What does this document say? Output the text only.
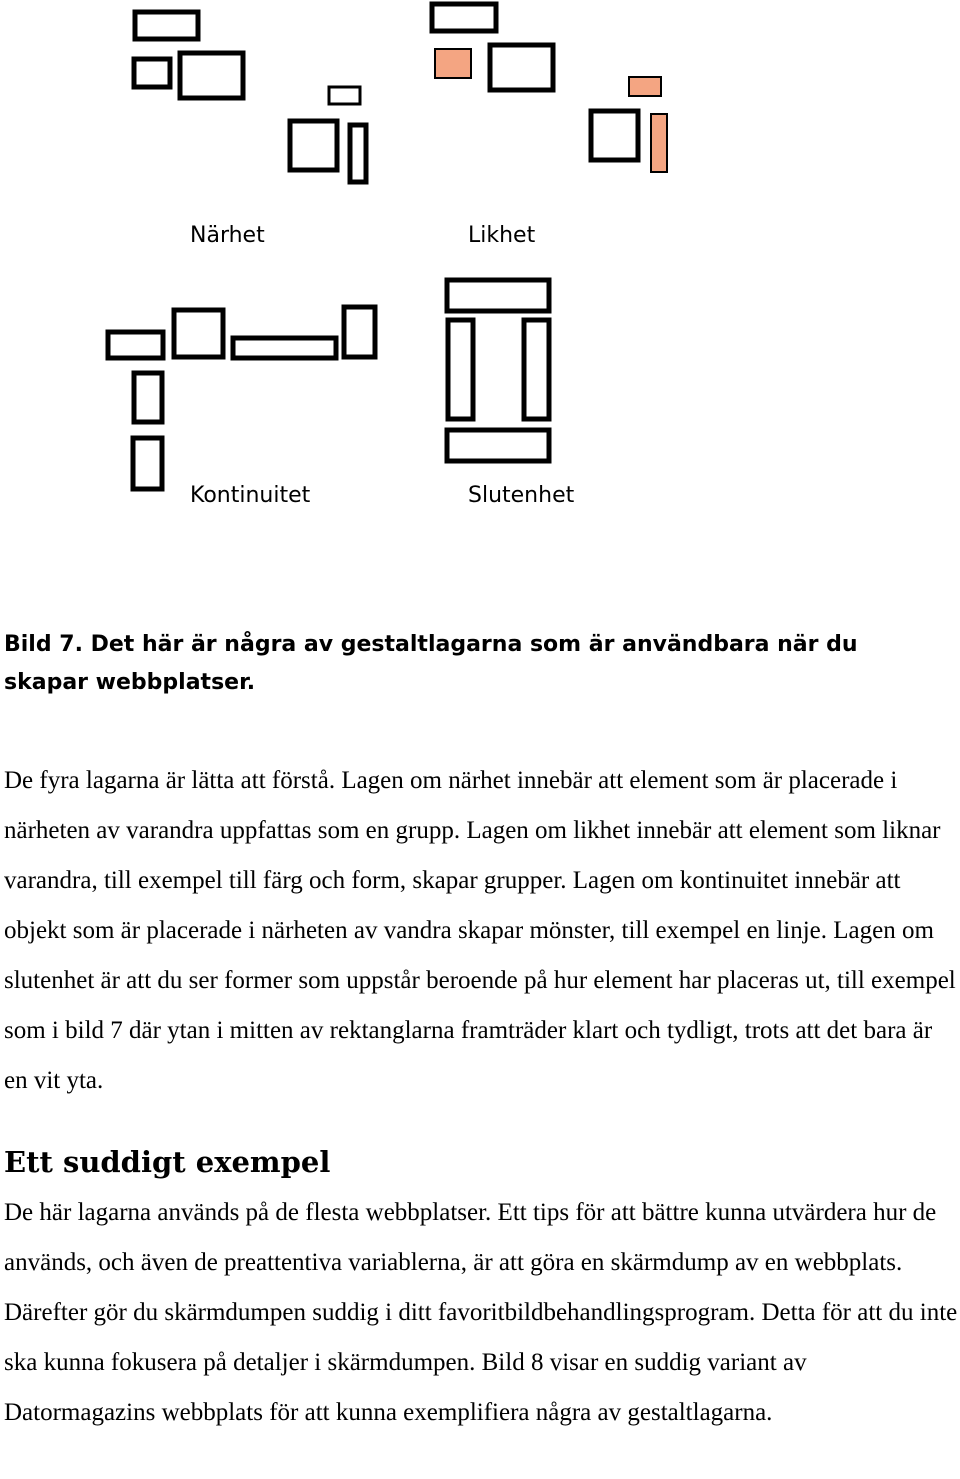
Närhet	Likhet
Kontinuitet	Slutenhet

Bild 7. Det här är några av gestaltlagarna som är användbara när du skapar webbplatser.

De fyra lagarna är lätta att förstå. Lagen om närhet innebär att element som är placerade i närheten av varandra uppfattas som en grupp. Lagen om likhet innebär att element som liknar varandra, till exempel till färg och form, skapar grupper. Lagen om kontinuitet innebär att objekt som är placerade i närheten av vandra skapar mönster, till exempel en linje. Lagen om slutenhet är att du ser former som uppstår beroende på hur element har placeras ut, till exempel som i bild 7 där ytan i mitten av rektanglarna framträder klart och tydligt, trots att det bara är en vit yta.

Ett suddigt exempel

De här lagarna används på de flesta webbplatser. Ett tips för att bättre kunna utvärdera hur de används, och även de preattentiva variablerna, är att göra en skärmdump av en webbplats. Därefter gör du skärmdumpen suddig i ditt favoritbildbehandlingsprogram. Detta för att du inte ska kunna fokusera på detaljer i skärmdumpen. Bild 8 visar en suddig variant av Datormagazins webbplats för att kunna exemplifiera några av gestaltlagarna.
